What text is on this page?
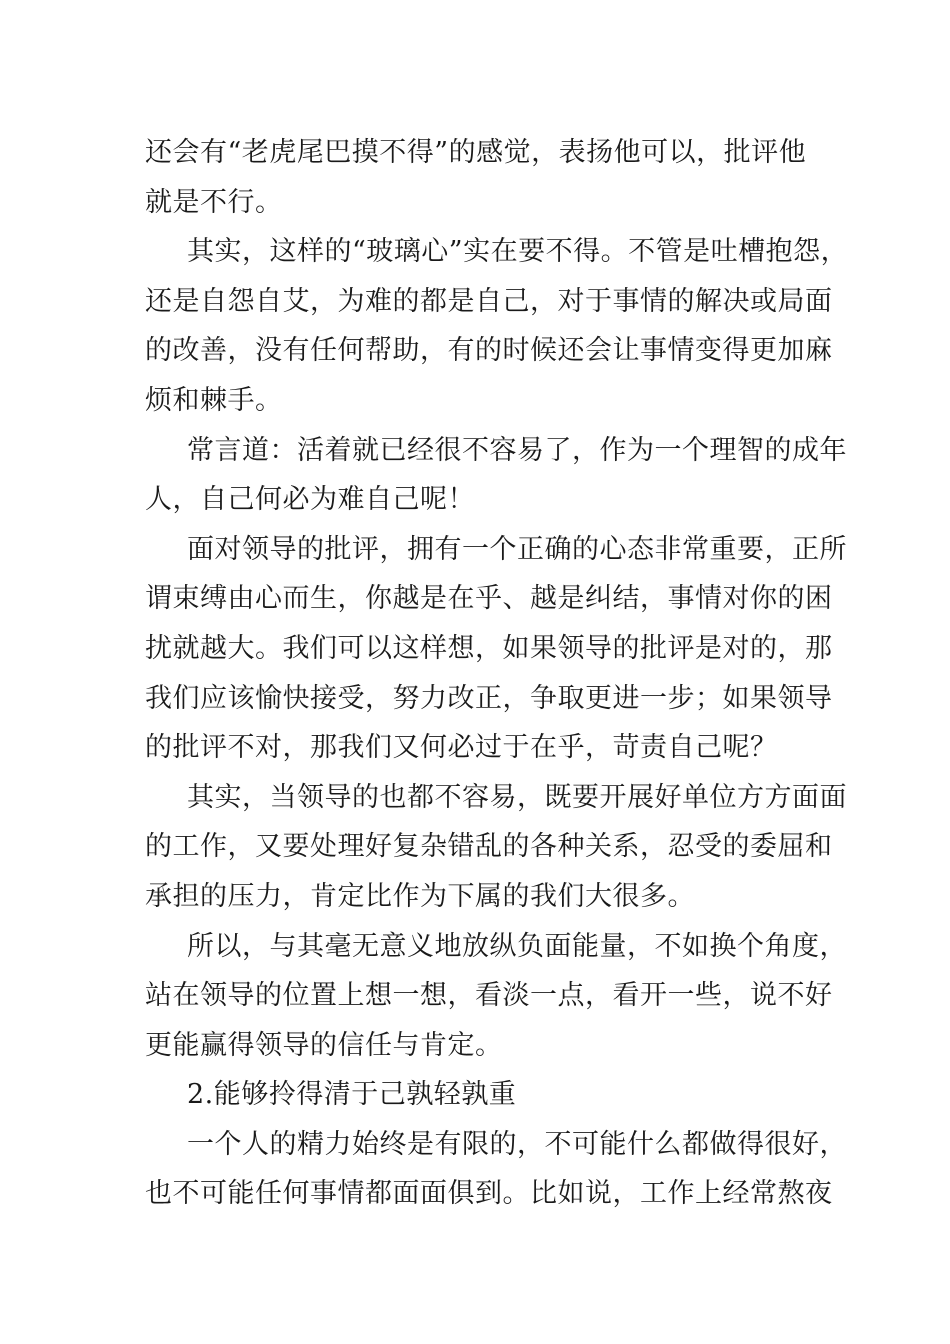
还会有“老虎尾巴摸不得”的感觉，表扬他可以，批评他
就是不行。
其实，这样的“玻璃心”实在要不得。不管是吐槽抱怨，
还是自怨自艾，为难的都是自己，对于事情的解决或局面
的改善，没有任何帮助，有的时候还会让事情变得更加麻
烦和棘手。
常言道：活着就已经很不容易了，作为一个理智的成年
人，自己何必为难自己呢！
面对领导的批评，拥有一个正确的心态非常重要，正所
谓束缚由心而生，你越是在乎、越是纠结，事情对你的困
扰就越大。我们可以这样想，如果领导的批评是对的，那
我们应该愉快接受，努力改正，争取更进一步；如果领导
的批评不对，那我们又何必过于在乎，苛责自己呢？
其实，当领导的也都不容易，既要开展好单位方方面面
的工作，又要处理好复杂错乱的各种关系，忍受的委屈和
承担的压力，肯定比作为下属的我们大很多。
所以，与其毫无意义地放纵负面能量，不如换个角度，
站在领导的位置上想一想，看淡一点，看开一些，说不好
更能赢得领导的信任与肯定。
2.能够拎得清于己孰轻孰重
一个人的精力始终是有限的，不可能什么都做得很好，
也不可能任何事情都面面俱到。比如说，工作上经常熬夜
